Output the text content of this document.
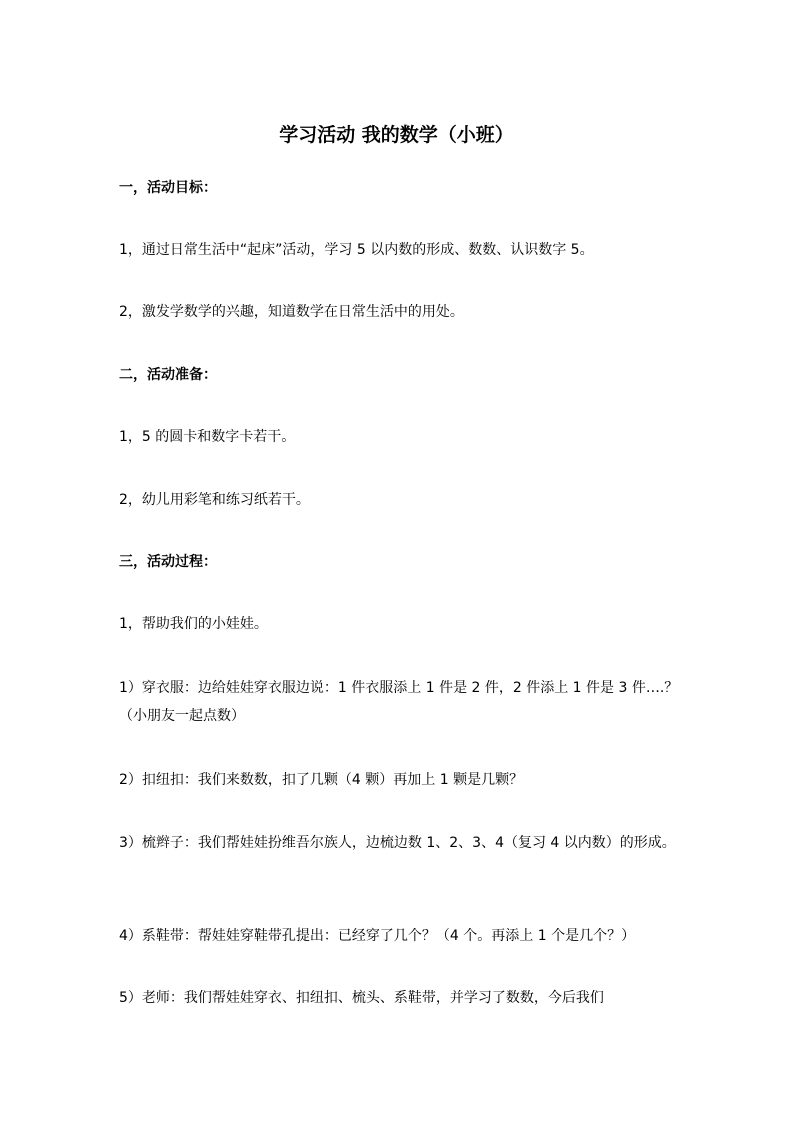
学习活动 我的数学（小班）
一，活动目标：
1，通过日常生活中“起床”活动，学习 5 以内数的形成、数数、认识数字 5。
2，激发学数学的兴趣，知道数学在日常生活中的用处。
二，活动准备：
1，5 的圆卡和数字卡若干。
2，幼儿用彩笔和练习纸若干。
三，活动过程：
1，帮助我们的小娃娃。
1）穿衣服：边给娃娃穿衣服边说：1 件衣服添上 1 件是 2 件，2 件添上 1 件是 3 件….？（小朋友一起点数）
2）扣纽扣：我们来数数，扣了几颗（4 颗）再加上 1 颗是几颗？
3）梳辫子：我们帮娃娃扮维吾尔族人，边梳边数 1、2、3、4（复习 4 以内数）的形成。
4）系鞋带：帮娃娃穿鞋带孔提出：已经穿了几个？（4 个。再添上 1 个是几个？）
5）老师：我们帮娃娃穿衣、扣纽扣、梳头、系鞋带，并学习了数数，今后我们
